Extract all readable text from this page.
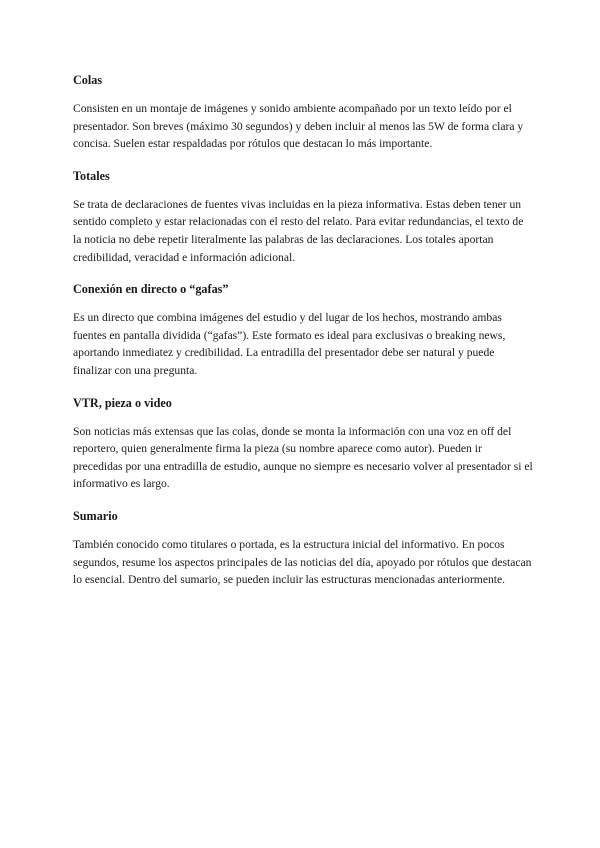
Colas

Consisten en un montaje de imágenes y sonido ambiente acompañado por un texto leído por el presentador. Son breves (máximo 30 segundos) y deben incluir al menos las 5W de forma clara y concisa. Suelen estar respaldadas por rótulos que destacan lo más importante.

Totales

Se trata de declaraciones de fuentes vivas incluidas en la pieza informativa. Estas deben tener un sentido completo y estar relacionadas con el resto del relato. Para evitar redundancias, el texto de la noticia no debe repetir literalmente las palabras de las declaraciones. Los totales aportan credibilidad, veracidad e información adicional.

Conexión en directo o “gafas”

Es un directo que combina imágenes del estudio y del lugar de los hechos, mostrando ambas fuentes en pantalla dividida (“gafas”). Este formato es ideal para exclusivas o breaking news, aportando inmediatez y credibilidad. La entradilla del presentador debe ser natural y puede finalizar con una pregunta.

VTR, pieza o video

Son noticias más extensas que las colas, donde se monta la información con una voz en off del reportero, quien generalmente firma la pieza (su nombre aparece como autor). Pueden ir precedidas por una entradilla de estudio, aunque no siempre es necesario volver al presentador si el informativo es largo.

Sumario

También conocido como titulares o portada, es la estructura inicial del informativo. En pocos segundos, resume los aspectos principales de las noticias del día, apoyado por rótulos que destacan lo esencial. Dentro del sumario, se pueden incluir las estructuras mencionadas anteriormente.
